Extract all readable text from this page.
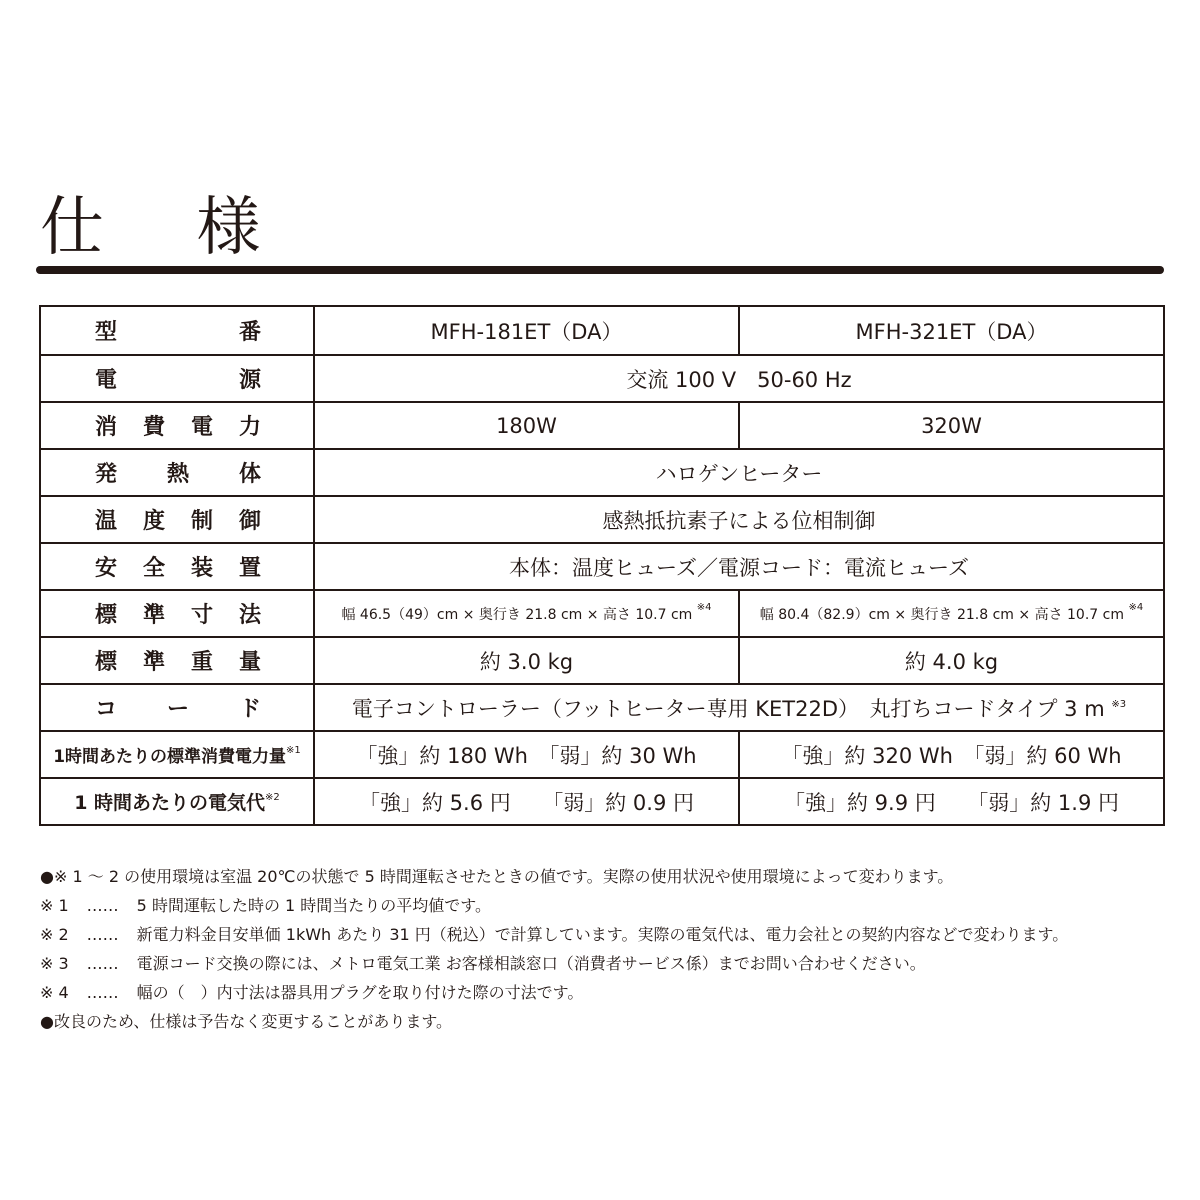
仕 様
型番	MFH-181ET（DA）	MFH-321ET（DA）
電源	交流 100 V　50-60 Hz	
消費電力	180W	320W
発熱体	ハロゲンヒーター	
温度制御	感熱抵抗素子による位相制御	
安全装置	本体：温度ヒューズ／電源コード：電流ヒューズ	
標準寸法	幅 46.5（49）cm × 奥行き 21.8 cm × 高さ 10.7 cm $^{※4}$	幅 80.4（82.9）cm × 奥行き 21.8 cm × 高さ 10.7 cm $^{※4}$
標準重量	約 3.0 kg	約 4.0 kg
コード	電子コントローラー（フットヒーター専用 KET22D）　丸打ちコードタイプ 3 m $^{※3}$
1時間あたりの標準消費電力量$^{※1}$	「強」約 180 Wh　「弱」約 30 Wh	「強」約 320 Wh　「弱」約 60 Wh
1 時間あたりの電気代$^{※2}$	「強」約 5.6 円　　「弱」約 0.9 円	「強」約 9.9 円　　「弱」約 1.9 円
●※ 1 ～ 2 の使用環境は室温 20℃の状態で 5 時間運転させたときの値です。実際の使用状況や使用環境によって変わります。
※ 1 …… 5 時間運転した時の 1 時間当たりの平均値です。
※ 2 …… 新電力料金目安単価 1kWh あたり 31 円（税込）で計算しています。実際の電気代は、電力会社との契約内容などで変わります。
※ 3 …… 電源コード交換の際には、メトロ電気工業 お客様相談窓口（消費者サービス係）までお問い合わせください。
※ 4 …… 幅の（　）内寸法は器具用プラグを取り付けた際の寸法です。
●改良のため、仕様は予告なく変更することがあります。
